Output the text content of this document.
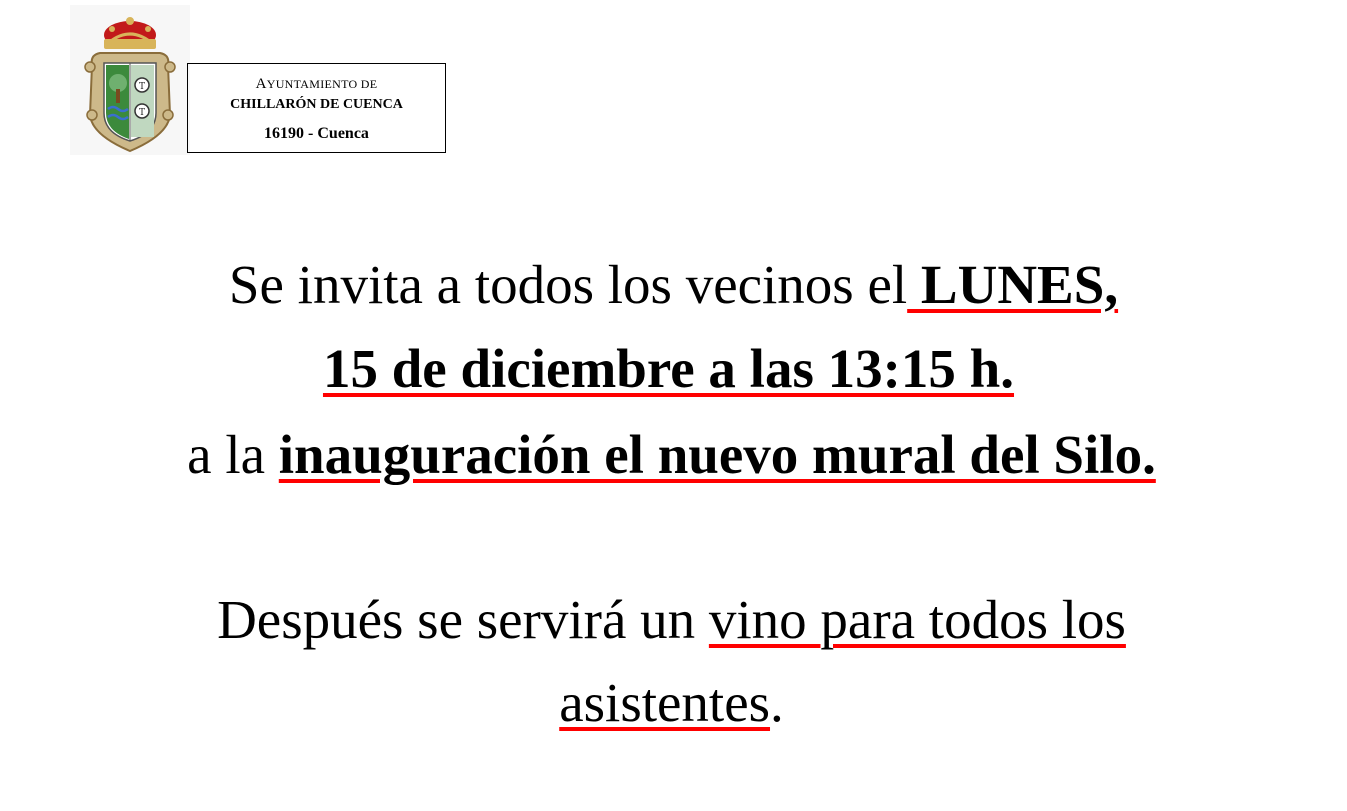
T
T
AYUNTAMIENTO DE
CHILLARÓN DE CUENCA
16190 - Cuenca
Se invita a todos los vecinos el LUNES,
15 de diciembre a las 13:15 h.
a la inauguración el nuevo mural del Silo.
Después se servirá un vino para todos los
asistentes.
